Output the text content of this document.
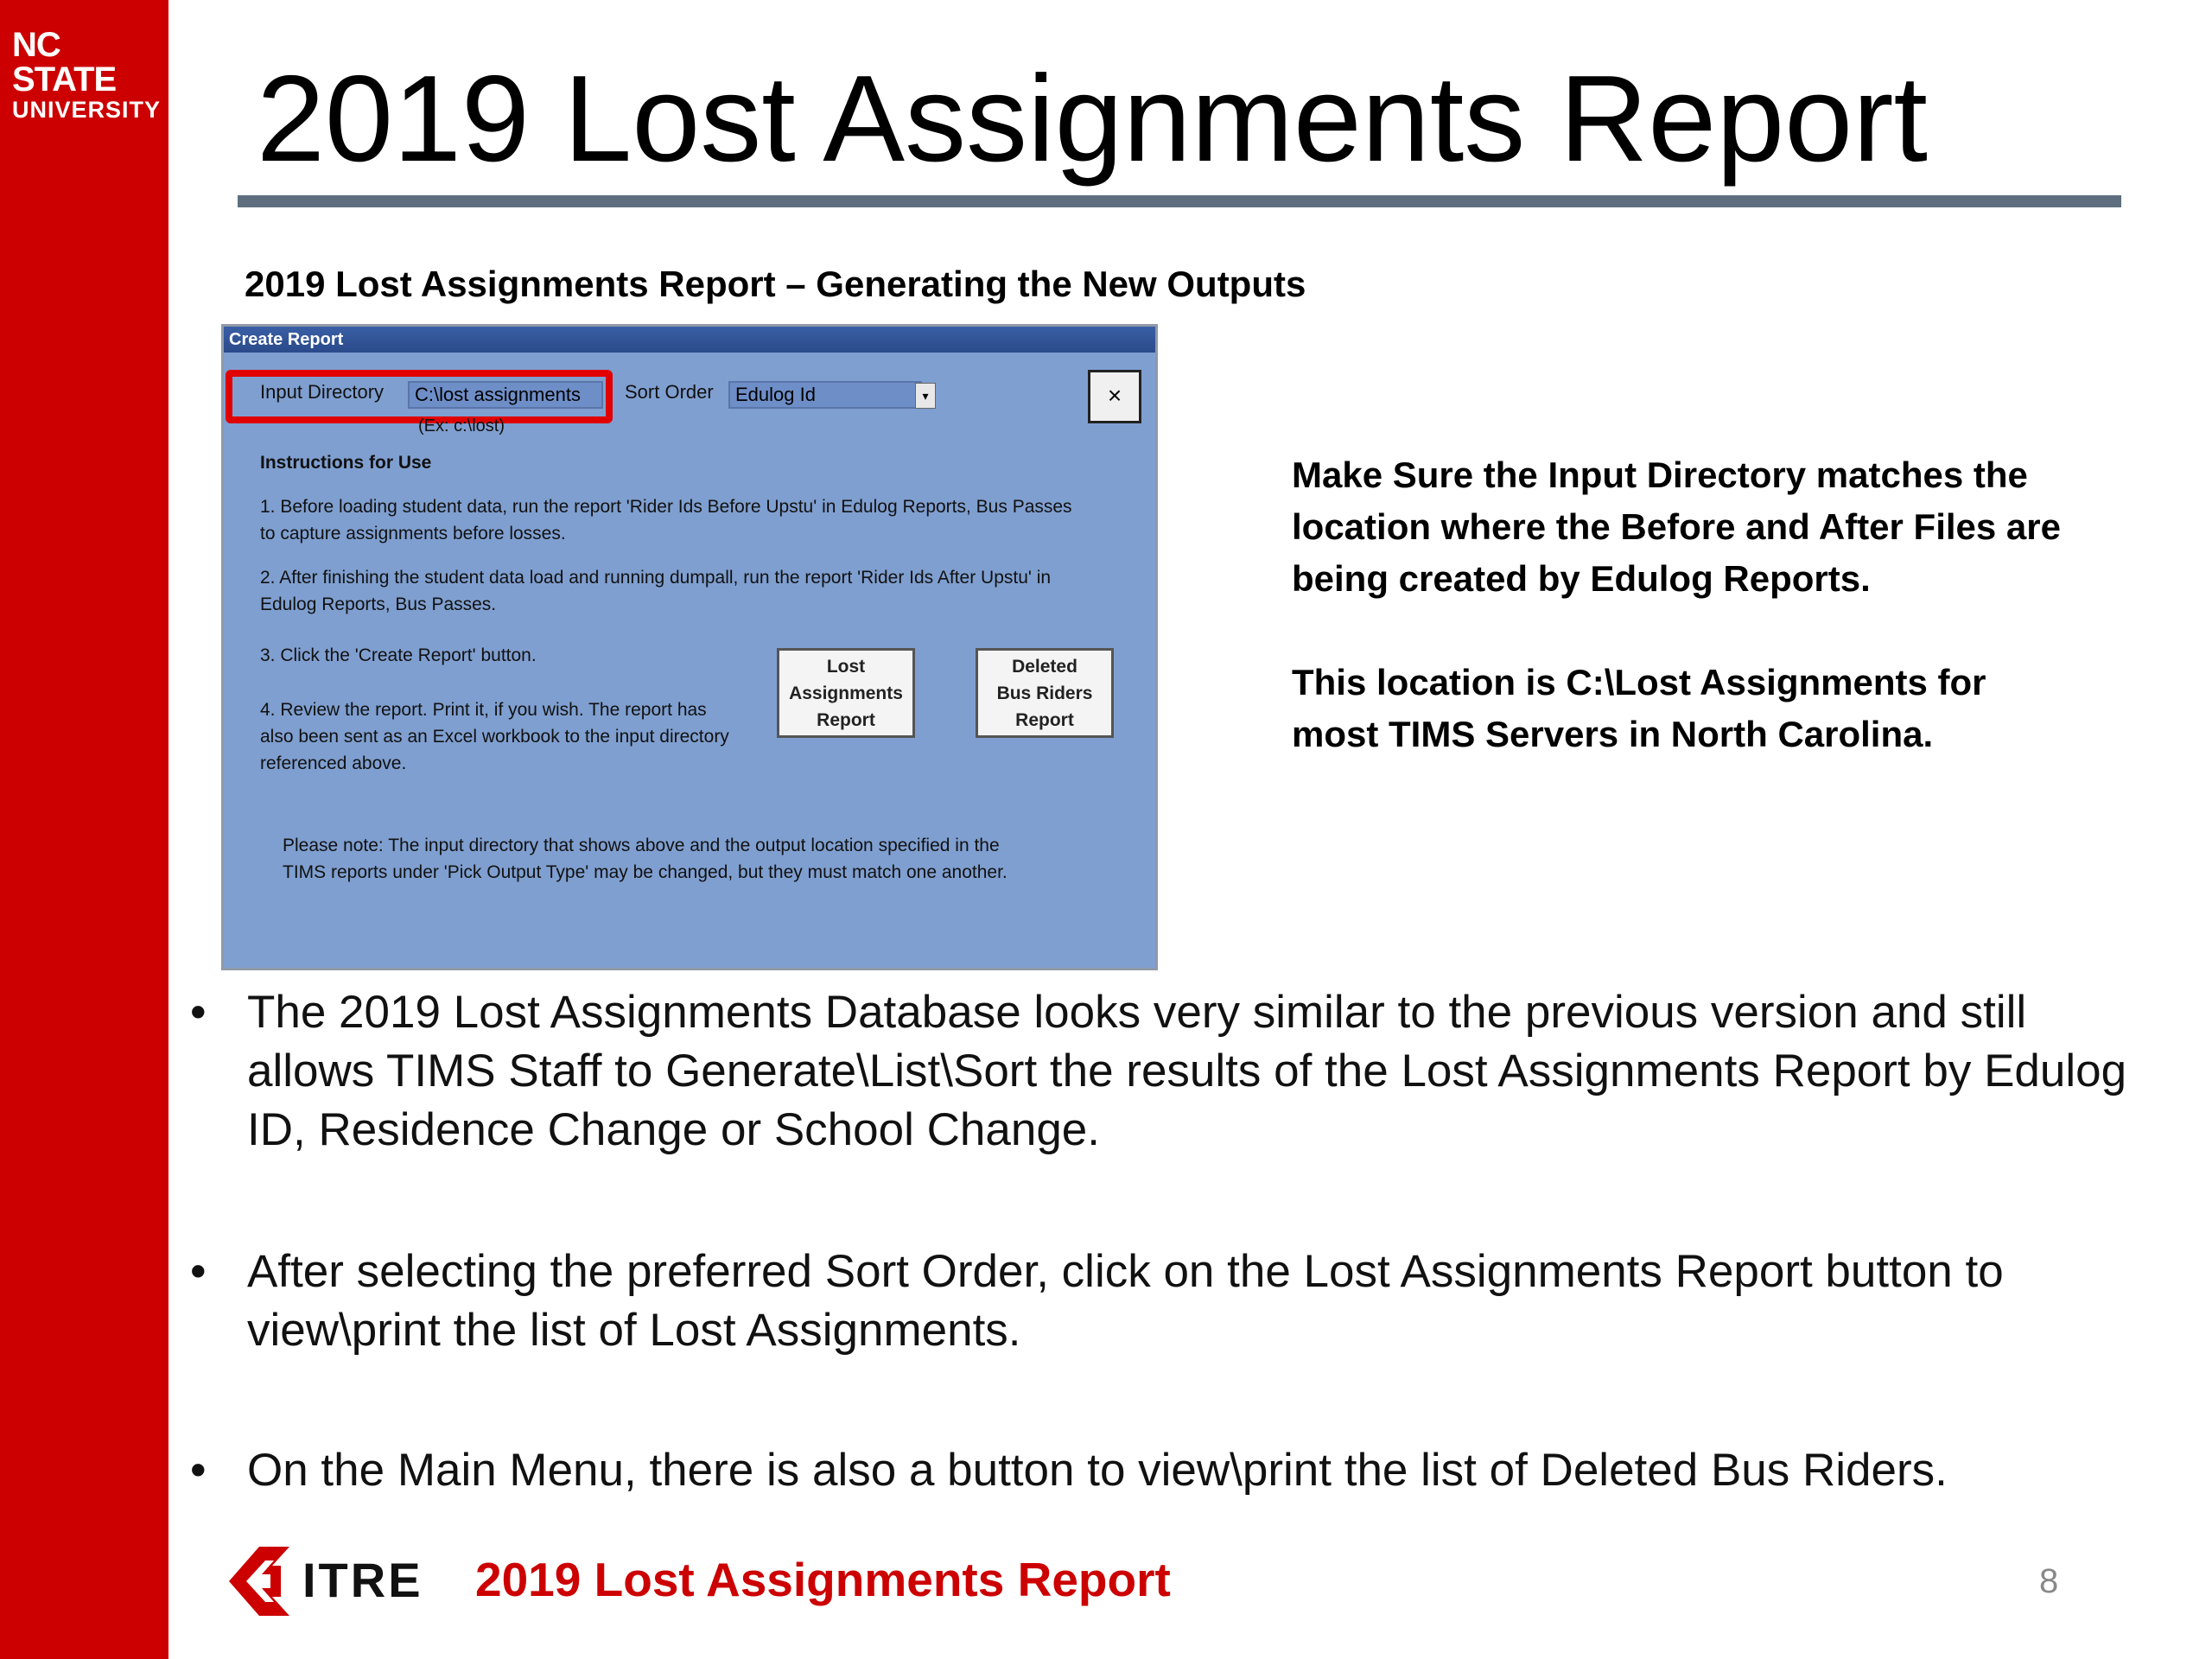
NC STATE
UNIVERSITY 2019 Lost Assignments Report
2019 Lost Assignments Report – Generating the New Outputs
Create Report
Input Directory	C:\lost assignments
(Ex: c:\lost)
Sort Order	Edulog Id	▾	×
Instructions for Use
1. Before loading student data, run the report 'Rider Ids Before Upstu' in Edulog Reports, Bus Passes to capture assignments before losses.
2. After finishing the student data load and running dumpall, run the report 'Rider Ids After Upstu' in Edulog Reports, Bus Passes.
3. Click the 'Create Report' button.
4. Review the report. Print it, if you wish. The report has also been sent as an Excel workbook to the input directory referenced above.
Lost
Assignments
Report
Deleted
Bus Riders
Report
Please note: The input directory that shows above and the output location specified in the TIMS reports under 'Pick Output Type' may be changed, but they must match one another.

Make Sure the Input Directory matches the location where the Before and After Files are being created by Edulog Reports.

This location is C:\Lost Assignments for most TIMS Servers in North Carolina.

• The 2019 Lost Assignments Database looks very similar to the previous version and still allows TIMS Staff to Generate\List\Sort the results of the Lost Assignments Report by Edulog ID, Residence Change or School Change.
• After selecting the preferred Sort Order, click on the Lost Assignments Report button to view\print the list of Lost Assignments.
• On the Main Menu, there is also a button to view\print the list of Deleted Bus Riders.
ITRE 2019 Lost Assignments Report	8
